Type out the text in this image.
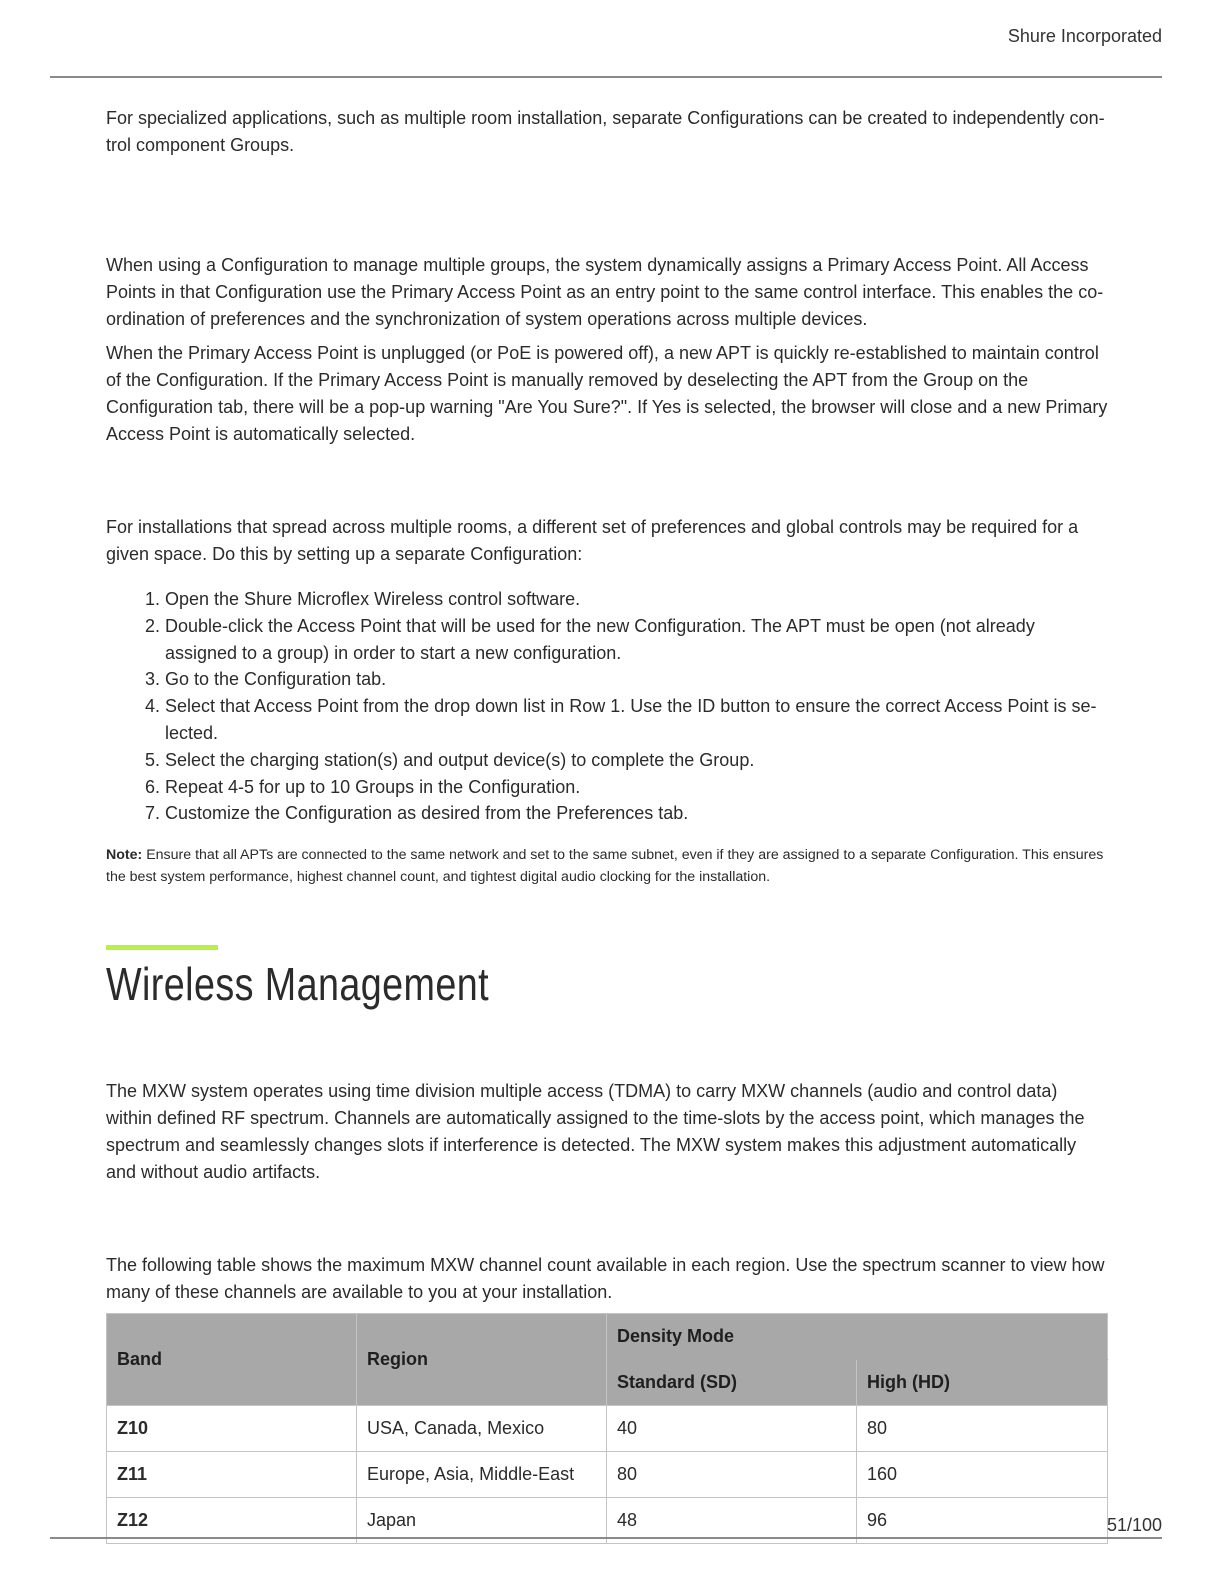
Shure Incorporated

For specialized applications, such as multiple room installation, separate Configurations can be created to independently control component Groups.

When using a Configuration to manage multiple groups, the system dynamically assigns a Primary Access Point. All Access Points in that Configuration use the Primary Access Point as an entry point to the same control interface. This enables the coordination of preferences and the synchronization of system operations across multiple devices.

When the Primary Access Point is unplugged (or PoE is powered off), a new APT is quickly re-established to maintain control of the Configuration. If the Primary Access Point is manually removed by deselecting the APT from the Group on the Configuration tab, there will be a pop-up warning "Are You Sure?". If Yes is selected, the browser will close and a new Primary Access Point is automatically selected.

For installations that spread across multiple rooms, a different set of preferences and global controls may be required for a given space. Do this by setting up a separate Configuration:

1. Open the Shure Microflex Wireless control software.
2. Double-click the Access Point that will be used for the new Configuration. The APT must be open (not already assigned to a group) in order to start a new configuration.
3. Go to the Configuration tab.
4. Select that Access Point from the drop down list in Row 1. Use the ID button to ensure the correct Access Point is selected.
5. Select the charging station(s) and output device(s) to complete the Group.
6. Repeat 4-5 for up to 10 Groups in the Configuration.
7. Customize the Configuration as desired from the Preferences tab.

Note: Ensure that all APTs are connected to the same network and set to the same subnet, even if they are assigned to a separate Configuration. This ensures the best system performance, highest channel count, and tightest digital audio clocking for the installation.

Wireless Management

The MXW system operates using time division multiple access (TDMA) to carry MXW channels (audio and control data) within defined RF spectrum. Channels are automatically assigned to the time-slots by the access point, which manages the spectrum and seamlessly changes slots if interference is detected. The MXW system makes this adjustment automatically and without audio artifacts.

The following table shows the maximum MXW channel count available in each region. Use the spectrum scanner to view how many of these channels are available to you at your installation.

Band	Region	Density Mode	
		Standard (SD)	High (HD)
Z10	USA, Canada, Mexico	40	80
Z11	Europe, Asia, Middle-East	80	160
Z12	Japan	48	96	51/100
